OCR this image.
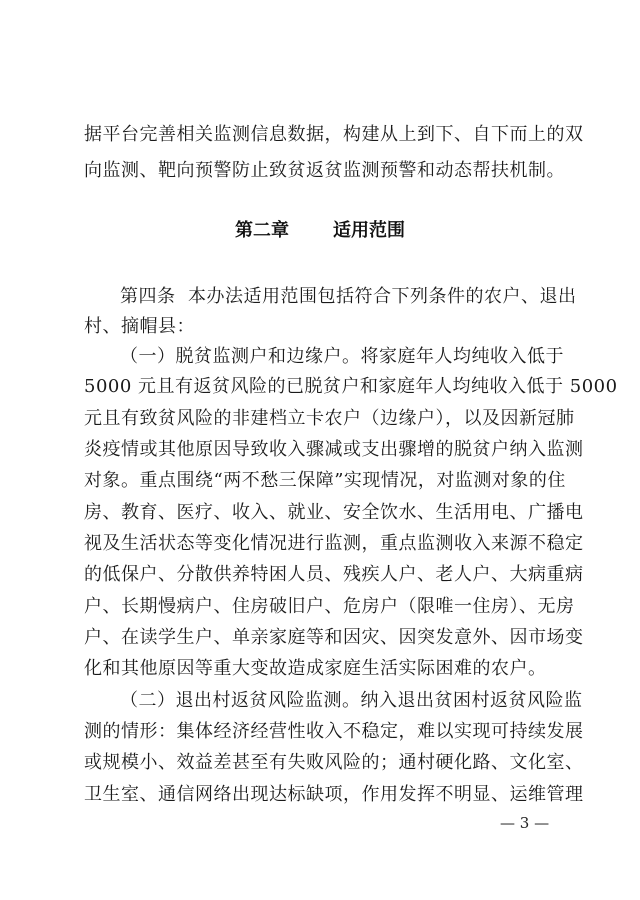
据平台完善相关监测信息数据，构建从上到下、自下而上的双
向监测、靶向预警防止致贫返贫监测预警和动态帮扶机制。
第二章 适用范围
第四条 本办法适用范围包括符合下列条件的农户、退出
村、摘帽县：
（一）脱贫监测户和边缘户。将家庭年人均纯收入低于
5000 元且有返贫风险的已脱贫户和家庭年人均纯收入低于 5000
元且有致贫风险的非建档立卡农户（边缘户），以及因新冠肺
炎疫情或其他原因导致收入骤减或支出骤增的脱贫户纳入监测
对象。重点围绕“两不愁三保障”实现情况，对监测对象的住
房、教育、医疗、收入、就业、安全饮水、生活用电、广播电
视及生活状态等变化情况进行监测，重点监测收入来源不稳定
的低保户、分散供养特困人员、残疾人户、老人户、大病重病
户、长期慢病户、住房破旧户、危房户（限唯一住房）、无房
户、在读学生户、单亲家庭等和因灾、因突发意外、因市场变
化和其他原因等重大变故造成家庭生活实际困难的农户。
（二）退出村返贫风险监测。纳入退出贫困村返贫风险监
测的情形：集体经济经营性收入不稳定，难以实现可持续发展
或规模小、效益差甚至有失败风险的；通村硬化路、文化室、
卫生室、通信网络出现达标缺项，作用发挥不明显、运维管理
— 3 —
